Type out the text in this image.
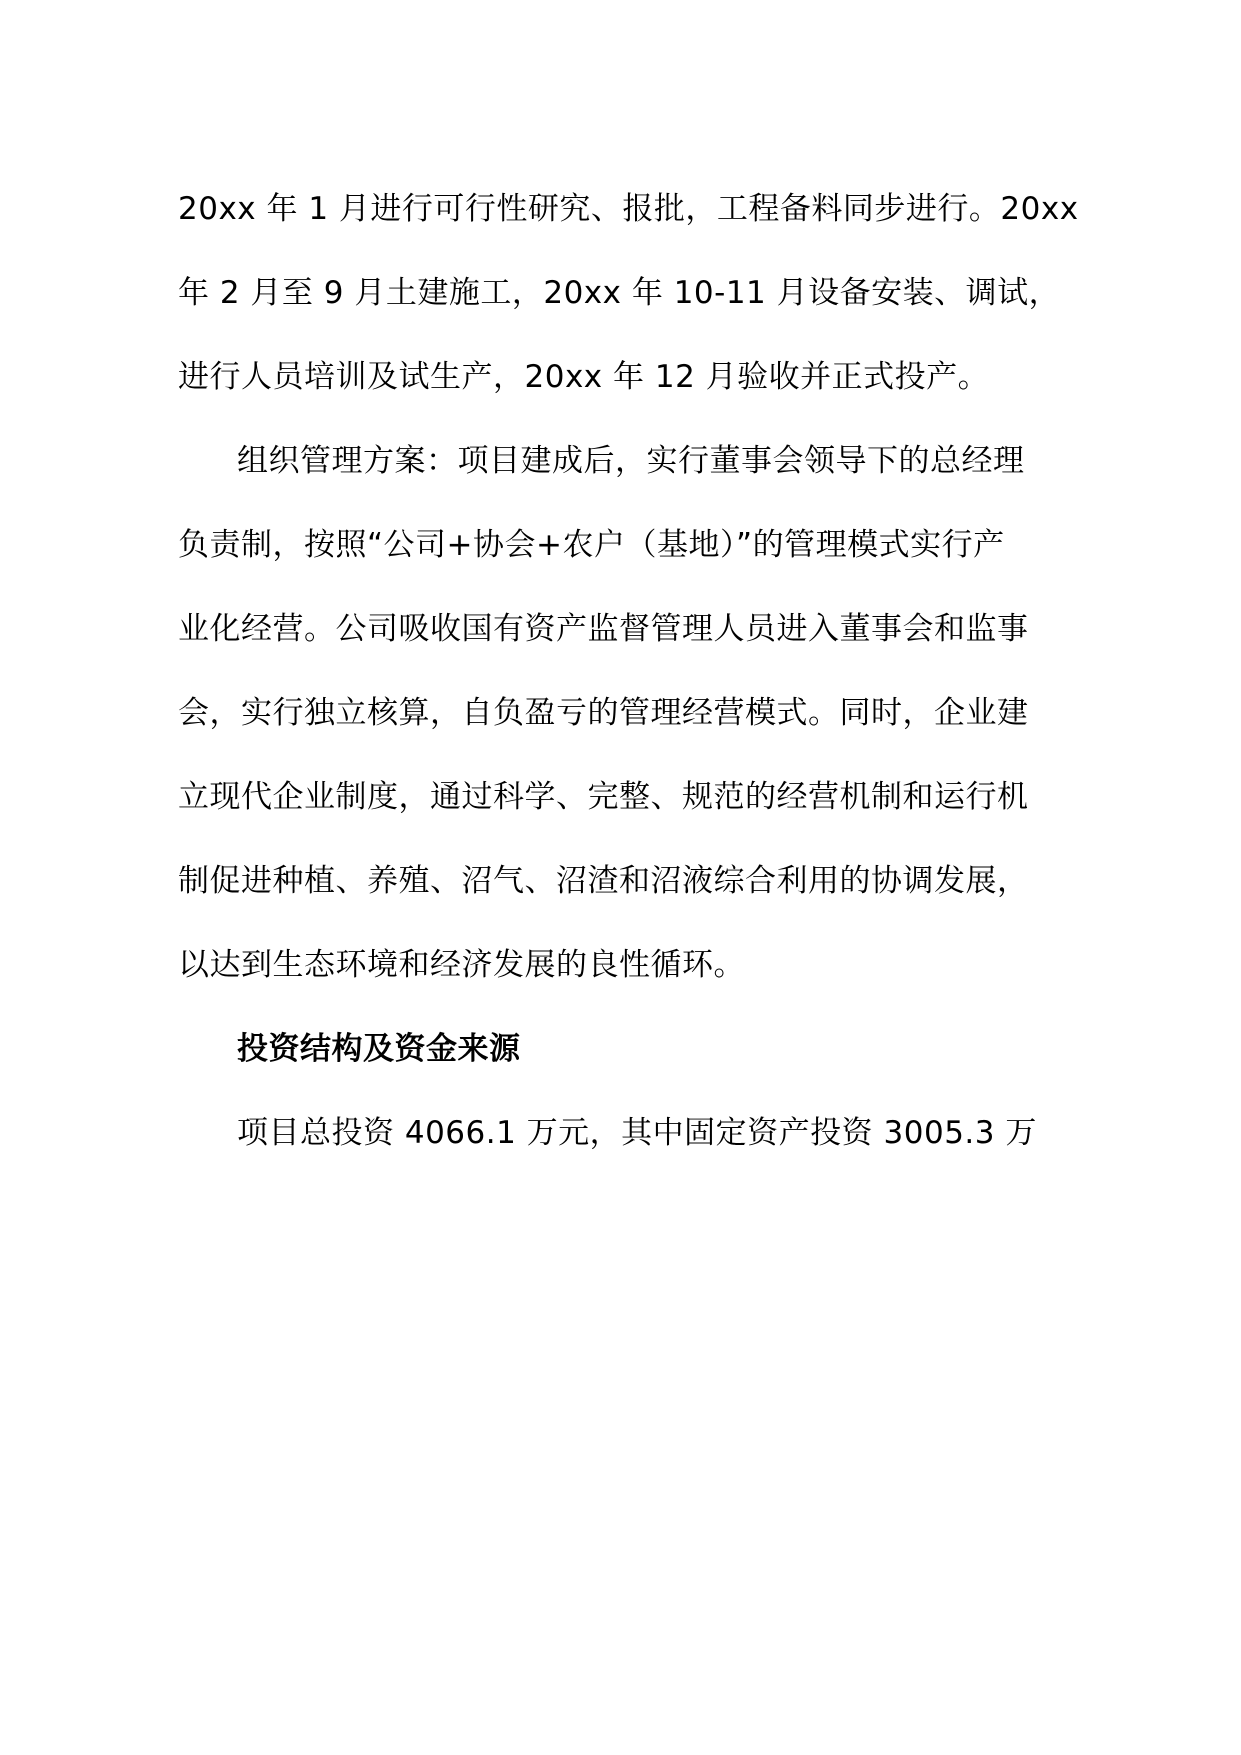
20xx 年 1 月进行可行性研究、报批，工程备料同步进行。20xx
年 2 月至 9 月土建施工，20xx 年 10-11 月设备安装、调试，
进行人员培训及试生产，20xx 年 12 月验收并正式投产。
组织管理方案：项目建成后，实行董事会领导下的总经理
负责制，按照“公司+协会+农户（基地）”的管理模式实行产
业化经营。公司吸收国有资产监督管理人员进入董事会和监事
会，实行独立核算，自负盈亏的管理经营模式。同时，企业建
立现代企业制度，通过科学、完整、规范的经营机制和运行机
制促进种植、养殖、沼气、沼渣和沼液综合利用的协调发展，
以达到生态环境和经济发展的良性循环。
投资结构及资金来源
项目总投资 4066.1 万元，其中固定资产投资 3005.3 万
